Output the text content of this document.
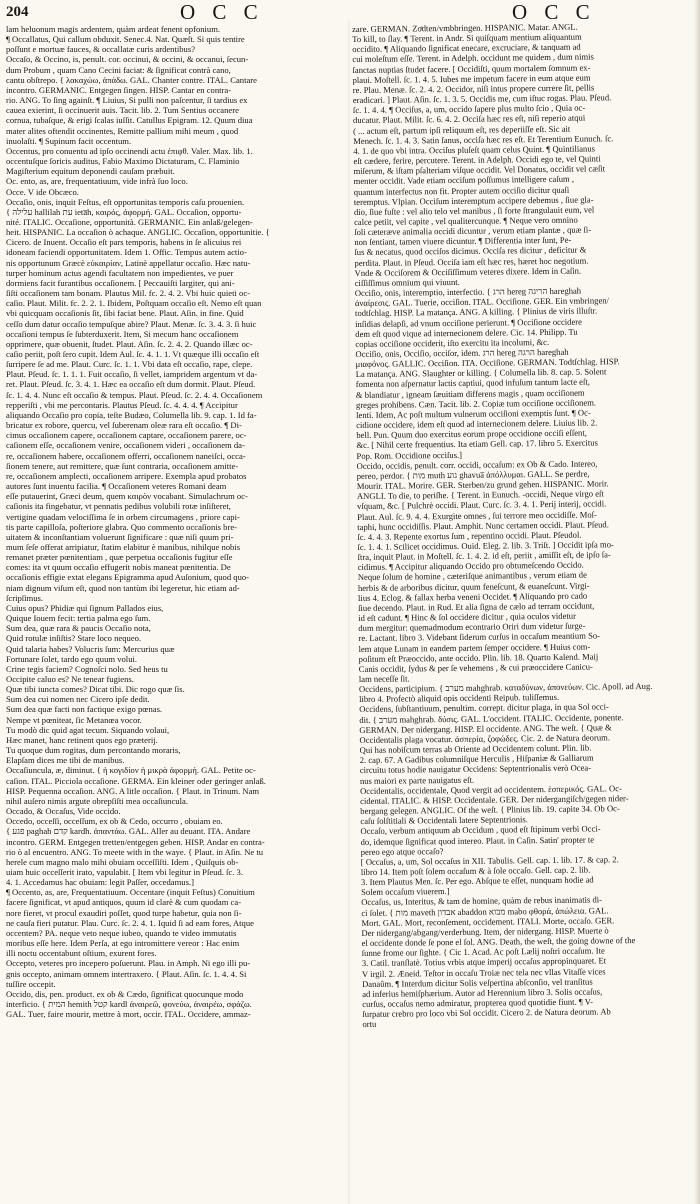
204	O C C	O C C
lam heluonum magis ardentem, quàm ardeat fenent opfonium.
¶ Occallatus, Qui callum obduxit. Senec.4. Nat. Quæſt. Si quis tentire
poſſunt e mortuæ fauces, & occallatæ curis ardentibus?
Occaſo, & Occino, is, penult. cor. occinui, & occini, & occanui, ſecun-
dum Probum , quam Cano Cecini faciat: & ſignificat contrà cano,
cantu obſtrepo. { λακαχώω, ἀπάδω. GAL. Chanter contre. ITAL. Cantare
incontro. GERMANIC. Entgegen ſingen. HISP. Cantar en contra-
rio. ANG. To ſing againſt. ¶ Liuius, Si pulli non paſcentur, ſi tardius ex
cauea exierint, ſi occinuerit auis. Tacit. lib. 2. Tum Sentius occanere
cornua, tubaſque, & erigi ſcalas iuſſit. Catullus Epigram. 12. Quum diua
mater alites oftendit occinentes, Remitte pallium mihi meum , quod
inuolaſti. ¶ Supinum facit occentum.
Occentus, pro conuentu ad ipſo occinendi actu ἐπιφθ. Valer. Max. lib. 1.
occentuſque ſoricis auditus, Fabio Maximo Dictaturam, C. Flaminio
Magiſterium equitum deponendi cauſam præbuit.
Oc. ento, as, are, frequentatiuum, vide infrà ſuo loco.
Occe. V ide Obcæco.
Occaſio, onis, inquit Feſtus, eſt opportunitas temporis caſu prouenien.
{ עלילה hallilah עת ieta̅h, καιρός, ἀφορμή. GAL. Occaſion, opportu-
nité. ITALIC. Occaſione, opportunità. GERMANIC. Ein anlaß/gelegen-
heit. HISPANIC. La occaſion ò achaque. ANGLIC. Occaſion, opportunitie. {
Cicero. de Inuent. Occaſio eſt pars temporis, habens in ſe alicuius rei
idoneam faciendi opportunitatem. Idem 1. Offic. Tempus autem actio-
nis opportunum Græcè εὐκαιρίαν, Latinè appellatur occaſio. Hæc natu-
turper hominum actus agendi facultatem non impedientes, ve puer
dormiens facit furantibus occaſionem. [ Peccauiſti largiter, qui ani-
ſiſti occaſionem tam bonam. Plautus Mil. fc. 2. 4. 2. Vbi huic quieti oc-
caſio. Plaut. Milit. fc. 2. 2. 1. Ibidem, Poſtquam occaſio eſt. Nemo eſt quan
vbi quicquam occaſionis ſit, ſibi faciat bene. Plaut. Aſin. in fine. Quid
ceſſo dum datur occaſio tempuſque abire? Plaut. Menæ. ſc. 3. 4. 3. ſi huic
occaſioni tempus ſe ſubterduxerit. Item, Si mecum hanc occaſionem
opprimere, quæ obuenit, ſtudet. Plaut. Aſin. ſc. 2. 4. 2. Quando illæc oc-
caſio periit, poſt ſero cupit. Idem Aul. ſc. 4. 1. 1. Vt quæque illi occaſio eſt
ſurripere ſe ad me. Plaut. Curc. ſc. 1. 1. Vbi data eſt occaſio, rape, clepe.
Plaut. Pſeud. ſc. 1. 1. 1. Fuit occaſio, ſi vellet, iampridem argentum vt da-
ret. Plaut. Pſeud. ſc. 3. 4. 1. Hæc ea occaſio eſt dum dormit. Plaut. Pſeud.
ſc. 1. 4. 4. Nunc eſt occaſio & tempus. Plaut. Pſeud. ſc. 2. 4. 4. Occaſionem
repperiſti , vbi me percontaris. Plautus Pſeud. ſc. 4. 4. 4. ¶ Accipitur
aliquando Occaſio pro copia, teſte Budæo, Columella lib. 9. cap. 1. Id fa-
bricatur ex robore, quercu, vel ſuberenam oleæ rara eſt occaſio. ¶ Di-
cimus occaſionem capere, occaſionem captare, occaſionem parere, oc-
caſionem eſſe, occaſionem venire, occaſionem videri , occaſionem da-
re, occaſionem habere, occaſionem offerri, occaſionem naneiſci, occa-
ſionem tenere, aut remittere, quæ ſunt contraria, occaſionem amitte-
re, occaſionem amplecti, occaſionem arripere. Exempla apud probatos
autores ſunt inuentu facilia. ¶ Occaſionem veteres Romani deam
eſſe putauerint, Græci deum, quem καιρὸν vocabant. Simulachrum oc-
caſionis ita fingebatur, vt pennatis pedibus volubili rotæ inſiſteret,
vertigine quadam velociſſima ſe in orbem circumagens , priore capi-
tis parte capilloſa, poſteriore glabra. Quo commento occaſionis bre-
uitatem & inconſtantiam voluerunt ſignificare : quæ niſi quum pri-
mum ſeſe offerat arripiatur, ſtatim elabitur è manibus, nihilque nobis
remanet præter pœnitentiam , quæ perpetua occaſionis fugitur eſſe
comes: ita vt quum occaſio effugerit nobis maneat pœnitentia. De
occaſionis effigie extat elegans Epigramma apud Auſonium, quod quo-
niam dignum viſum eſt, quod non tantùm ibi legeretur, hic etiam ad-
ſcripſimus.
Cuius opus? Phidiæ qui ſignum Pallados eius,
Quique Iouem fecit: tertia palma ego ſum.
Sum dea, quæ rara & paucis Occaſio nota,
Quid rotulæ inſiſtis? Stare loco nequeo.
Quid talaria habes? Volucris ſum: Mercurius quæ
Fortunare ſolet, tardo ego quum volui.
Crine tegis faciem? Cognoſci nolo. Sed heus tu
Occipite caluo es? Ne tenear fugiens.
Quæ tibi iuncta comes? Dicat tibi. Dic rogo quæ ſis.
Sum dea cui nomen nec Cicero ipſe dedit.
Sum dea quæ facti non factique exigo pœnas.
Nempe vt pœniteat, ſic Metanœa vocor.
Tu modò dic quid agat tecum. Siquando volaui,
Hæc manet, hanc retinent quos ego præterij.
Tu quoque dum rogitas, dum percontando moraris,
Elapſam dices me tibi de manibus.
Occaſiuncula, æ, diminut. { ἡ κογιδίον ἡ μικρὰ ἀφορμή. GAL. Petite oc-
caſion. ITAL. Picciola occaſione. GERMA. Ein kleiner oder geringer anlaß.
HISP. Pequenna occaſion. ANG. A litle occaſion. { Plaut. in Trinum. Nam
nihil auſero nimis argute obrepſiſti mea occaſiuncula.
Occado, & Occaſus, Vide occido.
Occedo, occeſſi, occeſſum, ex ob & Cedo, occurro , obuiam eo.
{ פגע paghah קדם kardh. ἀπαντάω. GAL. Aller au deuant. ITA. Andare
incontro. GERM. Entgegen tretten/entgegen geben. HISP. Andar en contra-
rio ò al encuentro. ANG. To meete with in the waye. { Plaut. in Aſin. Ne tu
herele cum magno malo mihi obuiam occeſſiſti. Idem , Quiſquis ob-
uiam huic occeſſerit irato, vapulabit. [ Item vbi legitur in Pſeud. ſc. 3.
4. 1. Accedamus hac obuiam: legit Paſſer, occedamus.]
¶ Occento, as, are, Frequentatiuum. Occentare (inquit Feſtus) Conuitium
facere ſignificat, vt apud antiquos, quum id clarè & cum quodam ca-
nore fieret, vt procul exaudiri poſſet, quod turpe habetur, quia non ſi-
ne cauſa fieri putatur. Plau. Curc. ſc. 2. 4. 1. Iquid ſi ad eam fores, Atque
occentem? PA. neque veto neque iubeo, quando te video immutatis
moribus eſſe here. Idem Perſa, at ego intromittere vereor : Hac enim
illi noctu occentabunt oſtium, exurent fores.
Occepto, veteres pro incepero poſuerunt. Plau. in Amph. Ni ego illi pu-
gnis occepto, animam omnem intertraxero. { Plaut. Aſin. ſc. 1. 4. 4. Si
tuſſire occepit.
Occido, dis, pen. product. ex ob & Cædo, ſignificat quocunque modo
interficio. { המית hemith קטל kardl ἀναιρεῶ, φονεύω, ἀναιρέω, σφάζω.
GAL. Tuer, faire mourir, mettre à mort, occir. ITAL. Occidere, ammaz-
zare. GERMAN. Zoͤdten/vmbbringen. HISPANIC. Matar. ANGL.
To kill, to ſlay. ¶ Terent. in Andr. Si quiſquam mentium aliquantum
occidito. ¶ Aliquando ſignificat enecare, excruciare, & tanquam ad
cui moleſtum eſſe. Terent. in Adelph. occidunt me quidem , dum nimis
ſanctas nuptias ſtudet facere. [ Occidiſti, quum mortalem ſomnum ex-
plaui. Moſtell. ſc. 1. 4. 5. Iubes me impetum facere in eum atque eum
re. Plau. Menæ. ſc. 2. 4. 2. Occidor, niſi intus propere currere ſit, pellis
eradicari. ] Plaut. Aſin. ſc. 1. 3. 5. Occidis me, cum iſtuc rogas. Plau. Pſeud.
ſc. 1. 4. 4. ¶ Occiſus, a, um, occido ſapere plus multo ſcio , Quia oc-
ducatur. Plaut. Milit. ſc. 6. 4. 2. Occiſa hæc res eſt, niſi reperio atqui
( ... actum eſt, partum ipſi reliquum eſt, res deperiiſſe eſt. Sic ait
Menech. ſc. 1. 4. 3. Satin ſanus, occiſa hæc res eſt. Et Terentium Eunuch. ſc.
4. 1. de quo vbi intra. Occiſus pluſeſt quam celus Quint. ¶ Quintilianus
eſt cædere, ferire, percutere. Terent. in Adelph. Occidi ego te, vel Quinti
miſerum, & iſtam pſalteriam viſque occidit. Vel Donatus, occidit vel cæſit
menter occidit. Vade etiam occiſum poſſumus intelligere caſum ,
quantum interfectus non fit. Propter autem occiſio dicitur quaſi
teremptus. Vlpian. Occiſum interemptum accipere debemus , ſiue gla-
dio, ſiue fuſte : vel alio telo vel manibus , ſi forte ſtrangulauit eum, vel
calce petiit, vel capite , vel qualitercunque. ¶ Neque vero omnino
ſoli cæteræve animalia occidi dicuntur , verum etiam plantæ , quæ ſi-
non ſentiant, tamen viuere dicuntur. ¶ Differentia inter ſunt, Pe-
ſus & necatus, quod occiſos dicimus. Occiſa res dicitur , deficitur &
perdita. Plaut. in Pſeud. Occiſa iam eſt hæc res, hæret hoc negotium.
Vnde & Occiſorem & Occiſiſſimum veteres dixere. Idem in Caſin.
ciſſiſſimus omnium qui viuunt.
Occiſio, onis, interemptio, interfectio. { הרג hereg הריגה hareghah
ἀναίρεσις. GAL. Tuerie, occiſion. ITAL. Occiſione. GER. Ein vmbringen/
todtſchlag. HISP. La matança. ANG. A killing. { Plinius de viris illuſtr.
inſidias delapſi, ad vnum occiſione perierunt. ¶ Occiſione occidere
dem eſt quod vique ad internecionem delere. Cic. 14. Philipp. Tu
copias occiſione occiderit, iſto exercitu ita incolumi, &c.
Occiſio, onis, Occiſio, occiſor, idem. הרג hereg הרגה hareghah
μιαφόνος. GALLIC. Occiſion. ITA. Occiſione. GERMAN. Todtſchlag. HISP.
La matança. ANG. Slaughter or killing. { Columella lib. 8. cap. 5. Solent
fomenta non aſpernatur lactis captiui, quod infuſum tantum lacte eſt,
& blandiatur , igneam ſæuitiam differens magis , quam occiſionem
greges prohibens. Cæn. Tacit. lib. 2. Copiæ tum occiſione occiſionem.
lenti. Idem, Ac poſt multum vulnerum occiſioni exemptis ſunt. ¶ Oc-
cidione occidere, idem eſt quod ad internecionem delere. Liuius lib. 2.
bell. Pun. Quum duo exercitus eorum prope occidione occiſi eſſent,
&c. [ Nihil certe frequentius. Ita etiam Gell. cap. 17. libro 5. Exercitus
Pop. Rom. Occidione occiſus.]
Occido, occidis, penult. corr. occidi, occaſum: ex Ob & Cado. Intereo,
pereo, perdor. { מות muth גוע ghavua̅ ἀπόλλυμαι. GALL. Se perdre,
Mourir. ITAL. Morire. GER. Sterben/zu grund gehen. HISPANIC. Morir.
ANGLI. To die, to periſhe. { Terent. in Eunuch. -occidi, Neque virgo eſt
vſquam, &c. [ Pulchrè occidi. Plaut. Curc. ſc. 3. 4. 1. Perij interij, occidi.
Plaut. Aul. ſc. 9. 4. 4. Exurgite omnes , ſui terrore meo occidiſſe. Moſ-
taphi, hunc occidiſſis. Plaut. Amphit. Nunc certamen occidi. Plaut. Pſeud.
ſc. 4. 4. 3. Repente exortus ſum , repentino occidi. Plaut. Pſeudol.
ſc. 1. 4. 1. Scilicet occidimus. Ouid. Eleg. 2. lib. 3. Triſt. ] Occidit ipſa mo-
ſtra, inquit Plaut. in Moſtell. ſc. 1. 4. 2. id eſt, periit , amiſſit eſt, de ipſo ſa-
cidimus. ¶ Accipitur aliquando Occido pro obtumeſcendo Occido.
Neque ſolum de homine , cæteriſque animantibus , verum etiam de
herbis & de arboribus dicitur, quum feneſcunt, & euaneſcunt. Virgi-
lius 4. Eclog. & fallax herba veneni Occidet. ¶ Aliquando pro cado
ſiue decendo. Plaut. in Rud. Et alia ſigna de cælo ad terram occidunt,
id eſt cadunt. ¶ Hinc & ſol occidere dicitur , quia oculos videtur
dum mergitur: quemadmodum econtrario Oriri dum videtur ſurge-
re. Lactant. libro 3. Videbant ſiderum curſus in occaſum meantium So-
lem atque Lunam in eandem partem ſemper occidere. ¶ Huius com-
poſitum eſt Præoccido, ante occido. Plin. lib. 18. Quarto Kalend. Maij
Canis occidit, ſydus & per ſe vehemens , & cui præoccidere Canicu-
lam neceſſe ſit.
Occidens, participium. { מערב mahghrab. καταδύνων, ἀπονεύων. Cic. Apoll. ad Aug.
libro 4. Profectò aliquid opis occidenti Reipub. tuliſſemus.
Occidens, ſubſtantiuum, penultim. corrept. dicitur plaga, in qua Sol occi-
dit. { מערב mahghrab. δύσις. GAL. L'occident. ITALIC. Occidente, ponente.
GERMAN. Der nidergang. HISP. El occidente. ANG. The weſt. { Quæ &
Occidentalis plaga vocatur. ἀσπερία, ζοφώδες. Cic. 2. de Natura deorum.
Qui has nobiſcum terras ab Oriente ad Occidentem colunt. Plin. lib.
2. cap. 67. A Gadibus columniſque Herculis , Hiſpaniæ & Galliarum
circuitu totus hodie nauigatur Occidens: Septentrionalis verò Ocea-
nus maiori ex parte nauigatus eſt.
Occidentalis, occidentale, Quod vergit ad occidentem. ἑσπερικός. GAL. Oc-
cidental. ITALIC. & HISP. Occidentale. GER. Der nidergangiſch/gegen nider-
bergang gelegen. ANGLIC. Of the weſt. { Plinius lib. 19. capite 34. Ob Oc-
caſu ſolſtitiali & Occidentali latere Septentrionis.
Occaſo, verbum antiquum ab Occidum , quod eſt ſtipinum verbi Occi-
do, idemque ſignificat quod intereo. Plaut. in Caſin. Satin' propter te
pereo ego atque occaſo?
[ Occaſus, a, um, Sol occaſus in XII. Tabulis. Gell. cap. 1. lib. 17. & cap. 2.
libro 14. Item poſt ſolem occaſum & à ſole occaſo. Gell. cap. 2. lib.
3. Item Plautus Men. ſc. Per ego. Abſque te eſſet, nunquam hodie ad
Solem occaſum viuerem.]
Occaſus, us, Interitus, & tam de homine, quàm de rebus inanimatis di-
ci ſolet. { מות maveth אבדון abaddon מבוא mabo φθορά, ἀπώλεια. GAL.
Mort. GAL. Mort, reconſement, occidement. ITALI. Morte, occaſo. GER.
Der nidergang/abgang/verderbung. Item, der nidergang. HISP. Muerte ò
el occidente donde ſe pone el ſol. ANG. Death, the weſt, the going downe of the
ſunne frome our ſighte. { Cic 1. Acad. Ac poſt Lælij noſtri occaſum. Ite
3. Catil. tranſlatè. Totius vrbis atque imperij occaſus appropinquaret. Et
V irgil. 2. Æneid. Teſtor in occaſu Troiæ nec tela nec vllas Vitaſſe vices
Danaûm. ¶ Interdum dicitur Solis veſpertina abſconſio, vel tranſitus
ad inferius hemiſphærium. Autor ad Herennium libro 3. Solis occaſus,
curſus, occaſus nemo admiratur, propterea quod quotidie fiunt. ¶ V-
ſurpatur crebro pro loco vbi Sol occidit. Cicero 2. de Natura deorum. Ab
ortu
